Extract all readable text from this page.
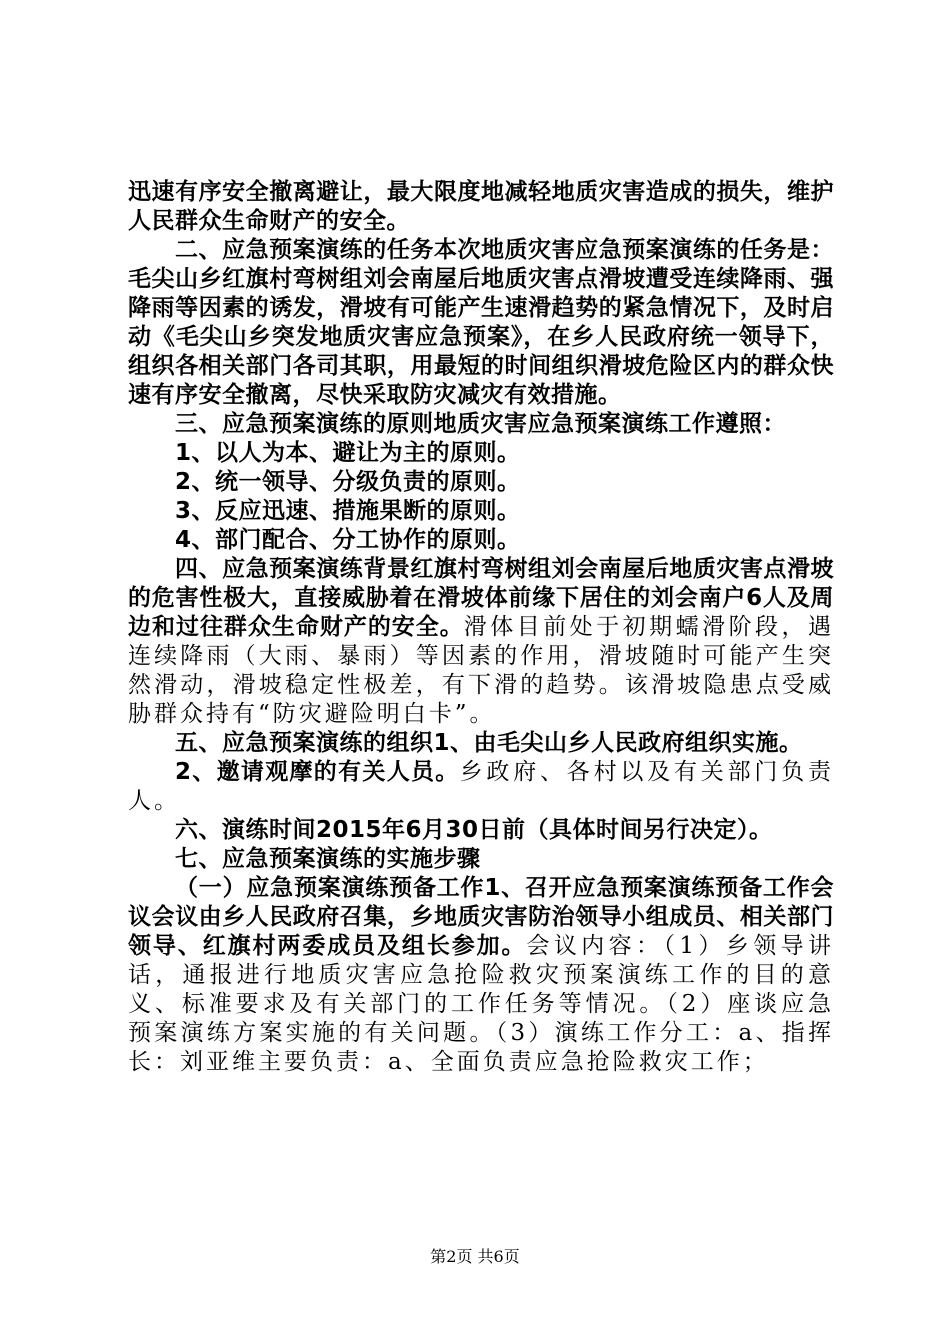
迅速有序安全撤离避让，最大限度地减轻地质灾害造成的损失，维护人民群众生命财产的安全。

二、应急预案演练的任务本次地质灾害应急预案演练的任务是：毛尖山乡红旗村弯树组刘会南屋后地质灾害点滑坡遭受连续降雨、强降雨等因素的诱发，滑坡有可能产生速滑趋势的紧急情况下，及时启动《毛尖山乡突发地质灾害应急预案》，在乡人民政府统一领导下，组织各相关部门各司其职，用最短的时间组织滑坡危险区内的群众快速有序安全撤离，尽快采取防灾减灾有效措施。

三、应急预案演练的原则地质灾害应急预案演练工作遵照：

1、以人为本、避让为主的原则。

2、统一领导、分级负责的原则。

3、反应迅速、措施果断的原则。

4、部门配合、分工协作的原则。

四、应急预案演练背景红旗村弯树组刘会南屋后地质灾害点滑坡的危害性极大，直接威胁着在滑坡体前缘下居住的刘会南户6人及周边和过往群众生命财产的安全。滑体目前处于初期蠕滑阶段，遇连续降雨（大雨、暴雨）等因素的作用，滑坡随时可能产生突然滑动，滑坡稳定性极差，有下滑的趋势。该滑坡隐患点受威胁群众持有“防灾避险明白卡”。

五、应急预案演练的组织1、由毛尖山乡人民政府组织实施。

2、邀请观摩的有关人员。乡政府、各村以及有关部门负责人。

六、演练时间2015年6月30日前（具体时间另行决定）。

七、应急预案演练的实施步骤

（一）应急预案演练预备工作1、召开应急预案演练预备工作会议会议由乡人民政府召集，乡地质灾害防治领导小组成员、相关部门领导、红旗村两委成员及组长参加。会议内容：（1）乡领导讲话，通报进行地质灾害应急抢险救灾预案演练工作的目的意义、标准要求及有关部门的工作任务等情况。（2）座谈应急预案演练方案实施的有关问题。（3）演练工作分工：a、指挥长：刘亚维主要负责：a、全面负责应急抢险救灾工作；

第2页 共6页
